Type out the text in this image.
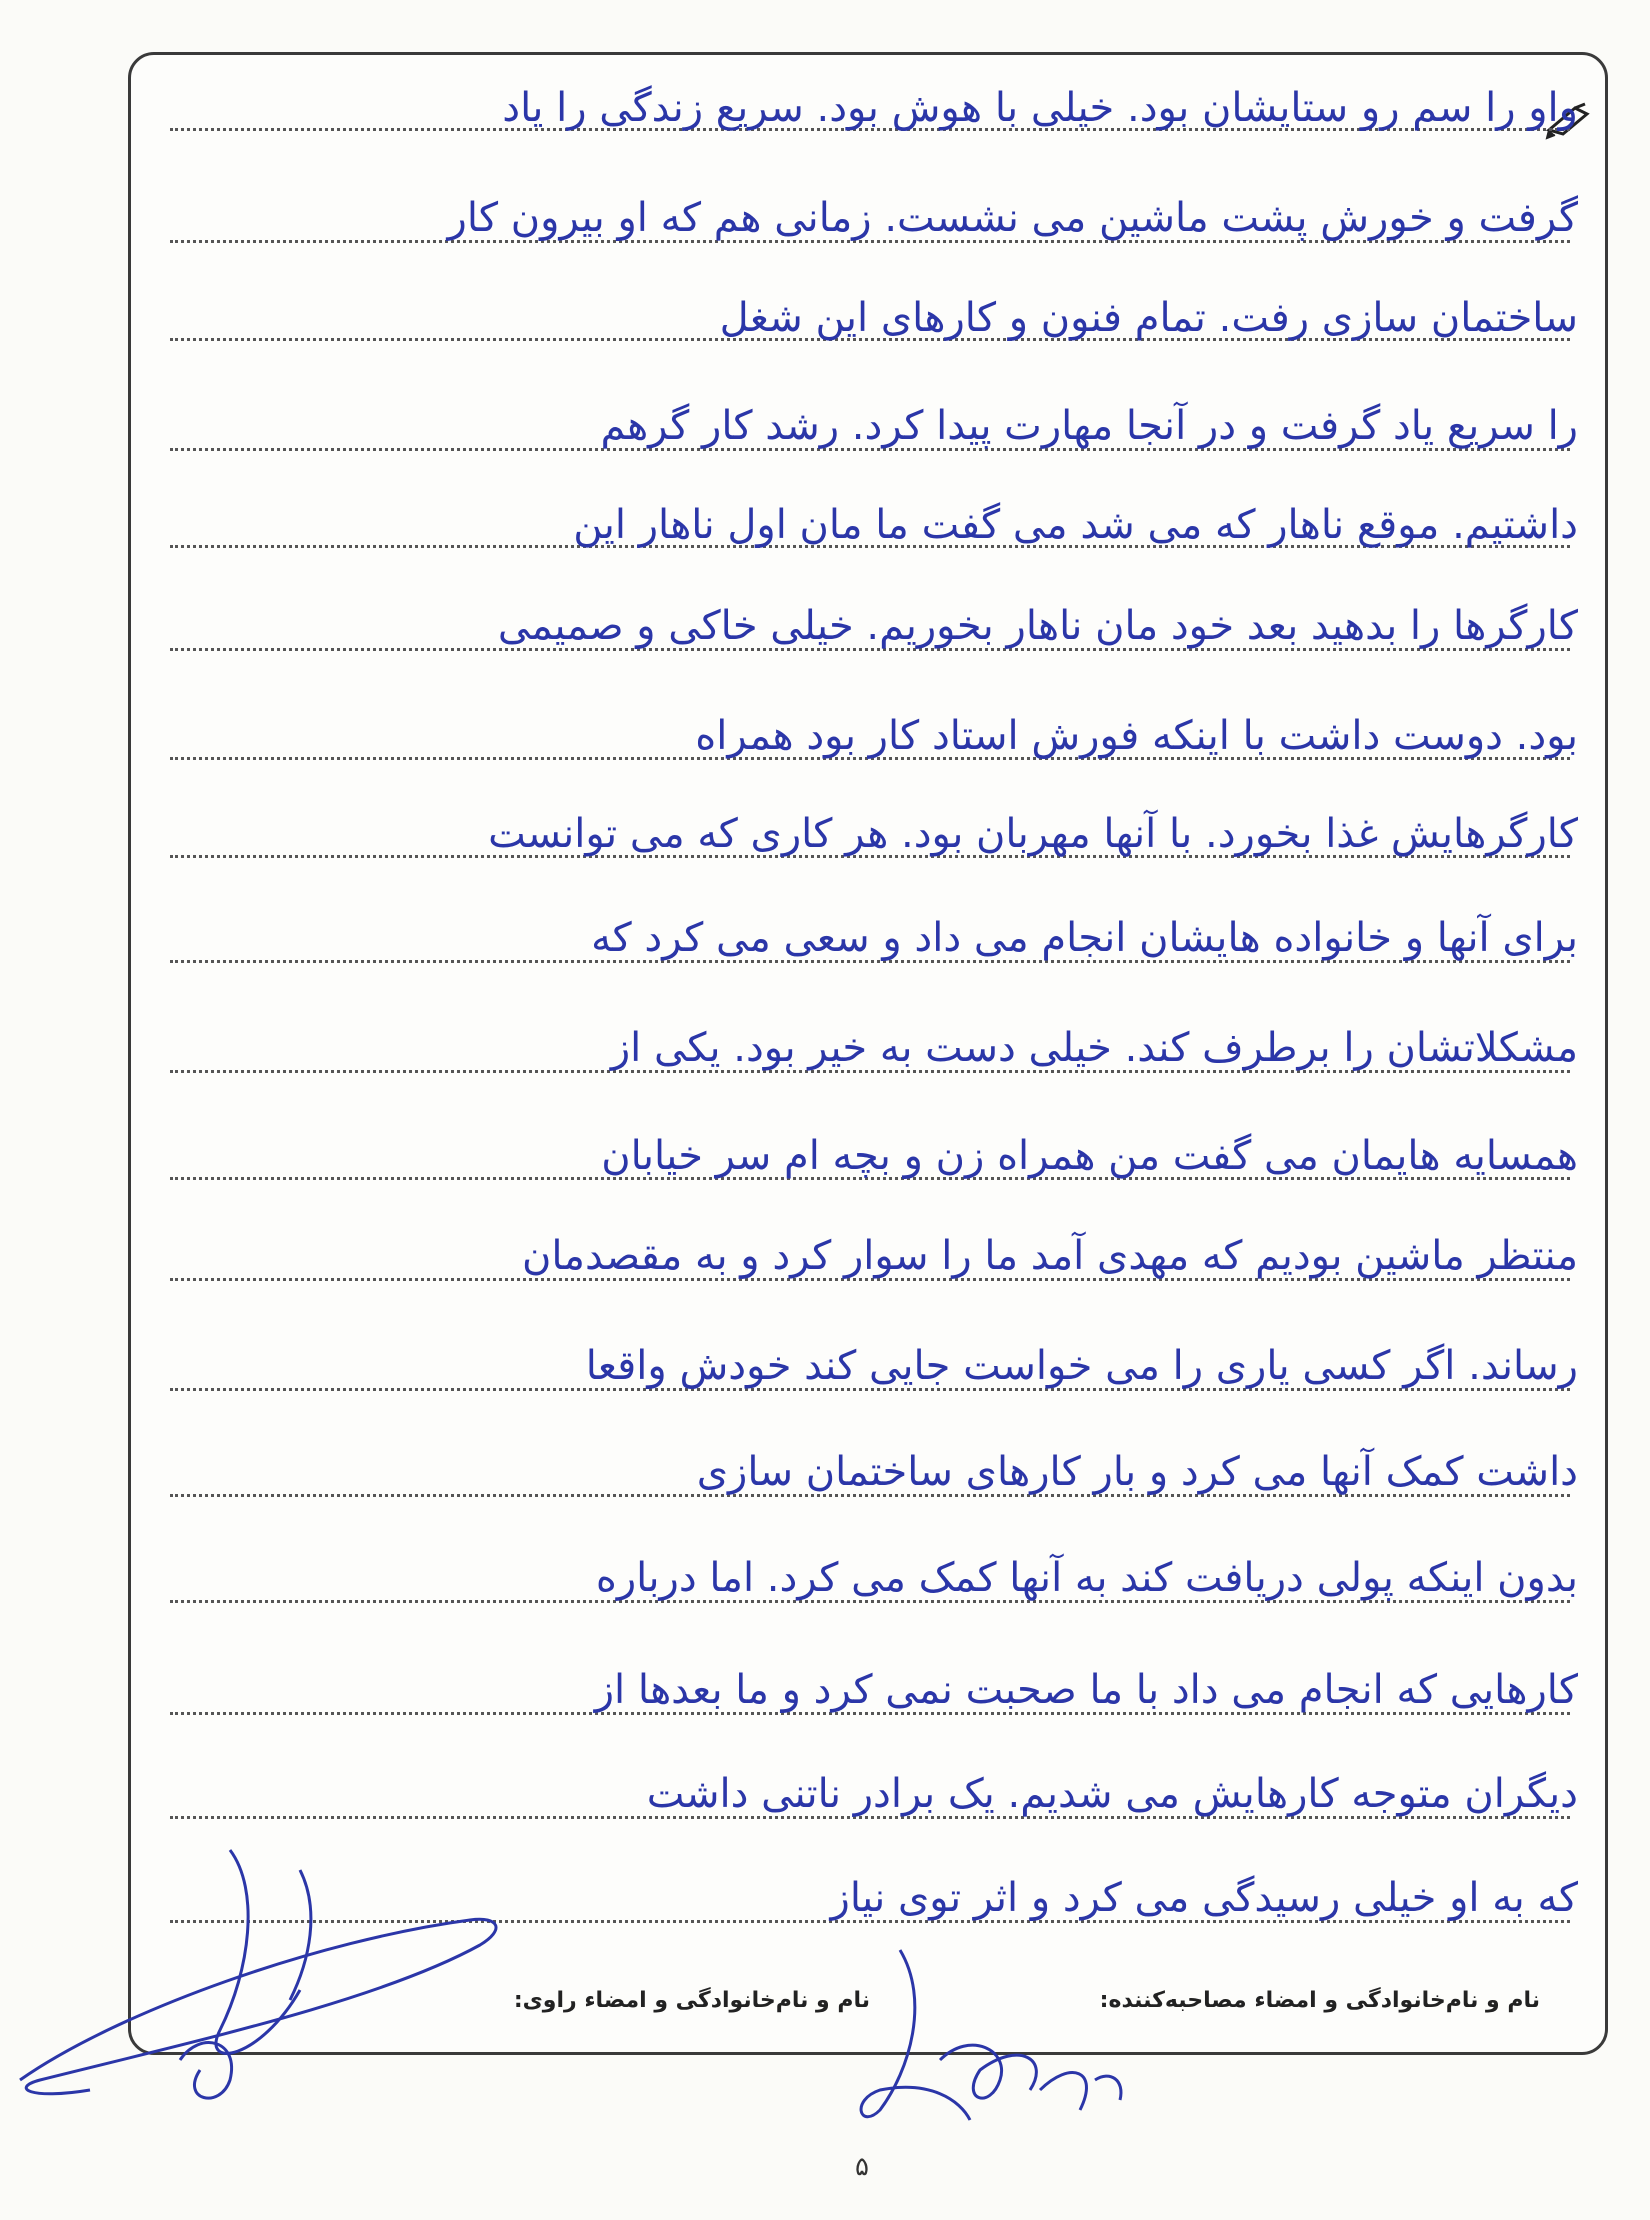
واو را سم رو ستایشان بود. خیلی با هوش بود. سریع زندگی را یاد
گرفت و خورش پشت ماشین می نشست. زمانی هم که او بیرون کار
ساختمان سازی رفت. تمام فنون و کارهای این شغل
را سریع یاد گرفت و در آنجا مهارت پیدا کرد. رشد کار گرهم
داشتیم. موقع ناهار که می شد می گفت ما مان اول ناهار این
کارگرها را بدهید بعد خود مان ناهار بخوریم. خیلی خاکی و صمیمی
بود. دوست داشت با اینکه فورش استاد کار بود همراه
کارگرهایش غذا بخورد. با آنها مهربان بود. هر کاری که می توانست
برای آنها و خانواده هایشان انجام می داد و سعی می کرد که
مشکلاتشان را برطرف کند. خیلی دست به خیر بود. یکی از
همسایه هایمان می گفت من همراه زن و بچه ام سر خیابان
منتظر ماشین بودیم که مهدی آمد ما را سوار کرد و به مقصدمان
رساند. اگر کسی یاری را می خواست جایی کند خودش واقعا
داشت کمک آنها می کرد و بار کارهای ساختمان سازی
بدون اینکه پولی دریافت کند به آنها کمک می کرد. اما درباره
کارهایی که انجام می داد با ما صحبت نمی کرد و ما بعدها از
دیگران متوجه کارهایش می شدیم. یک برادر ناتنی داشت
که به او خیلی رسیدگی می کرد و اثر توی نیاز
نام و نام‌خانوادگی و امضاء مصاحبه‌کننده:
نام و نام‌خانوادگی و امضاء راوی:
۵
